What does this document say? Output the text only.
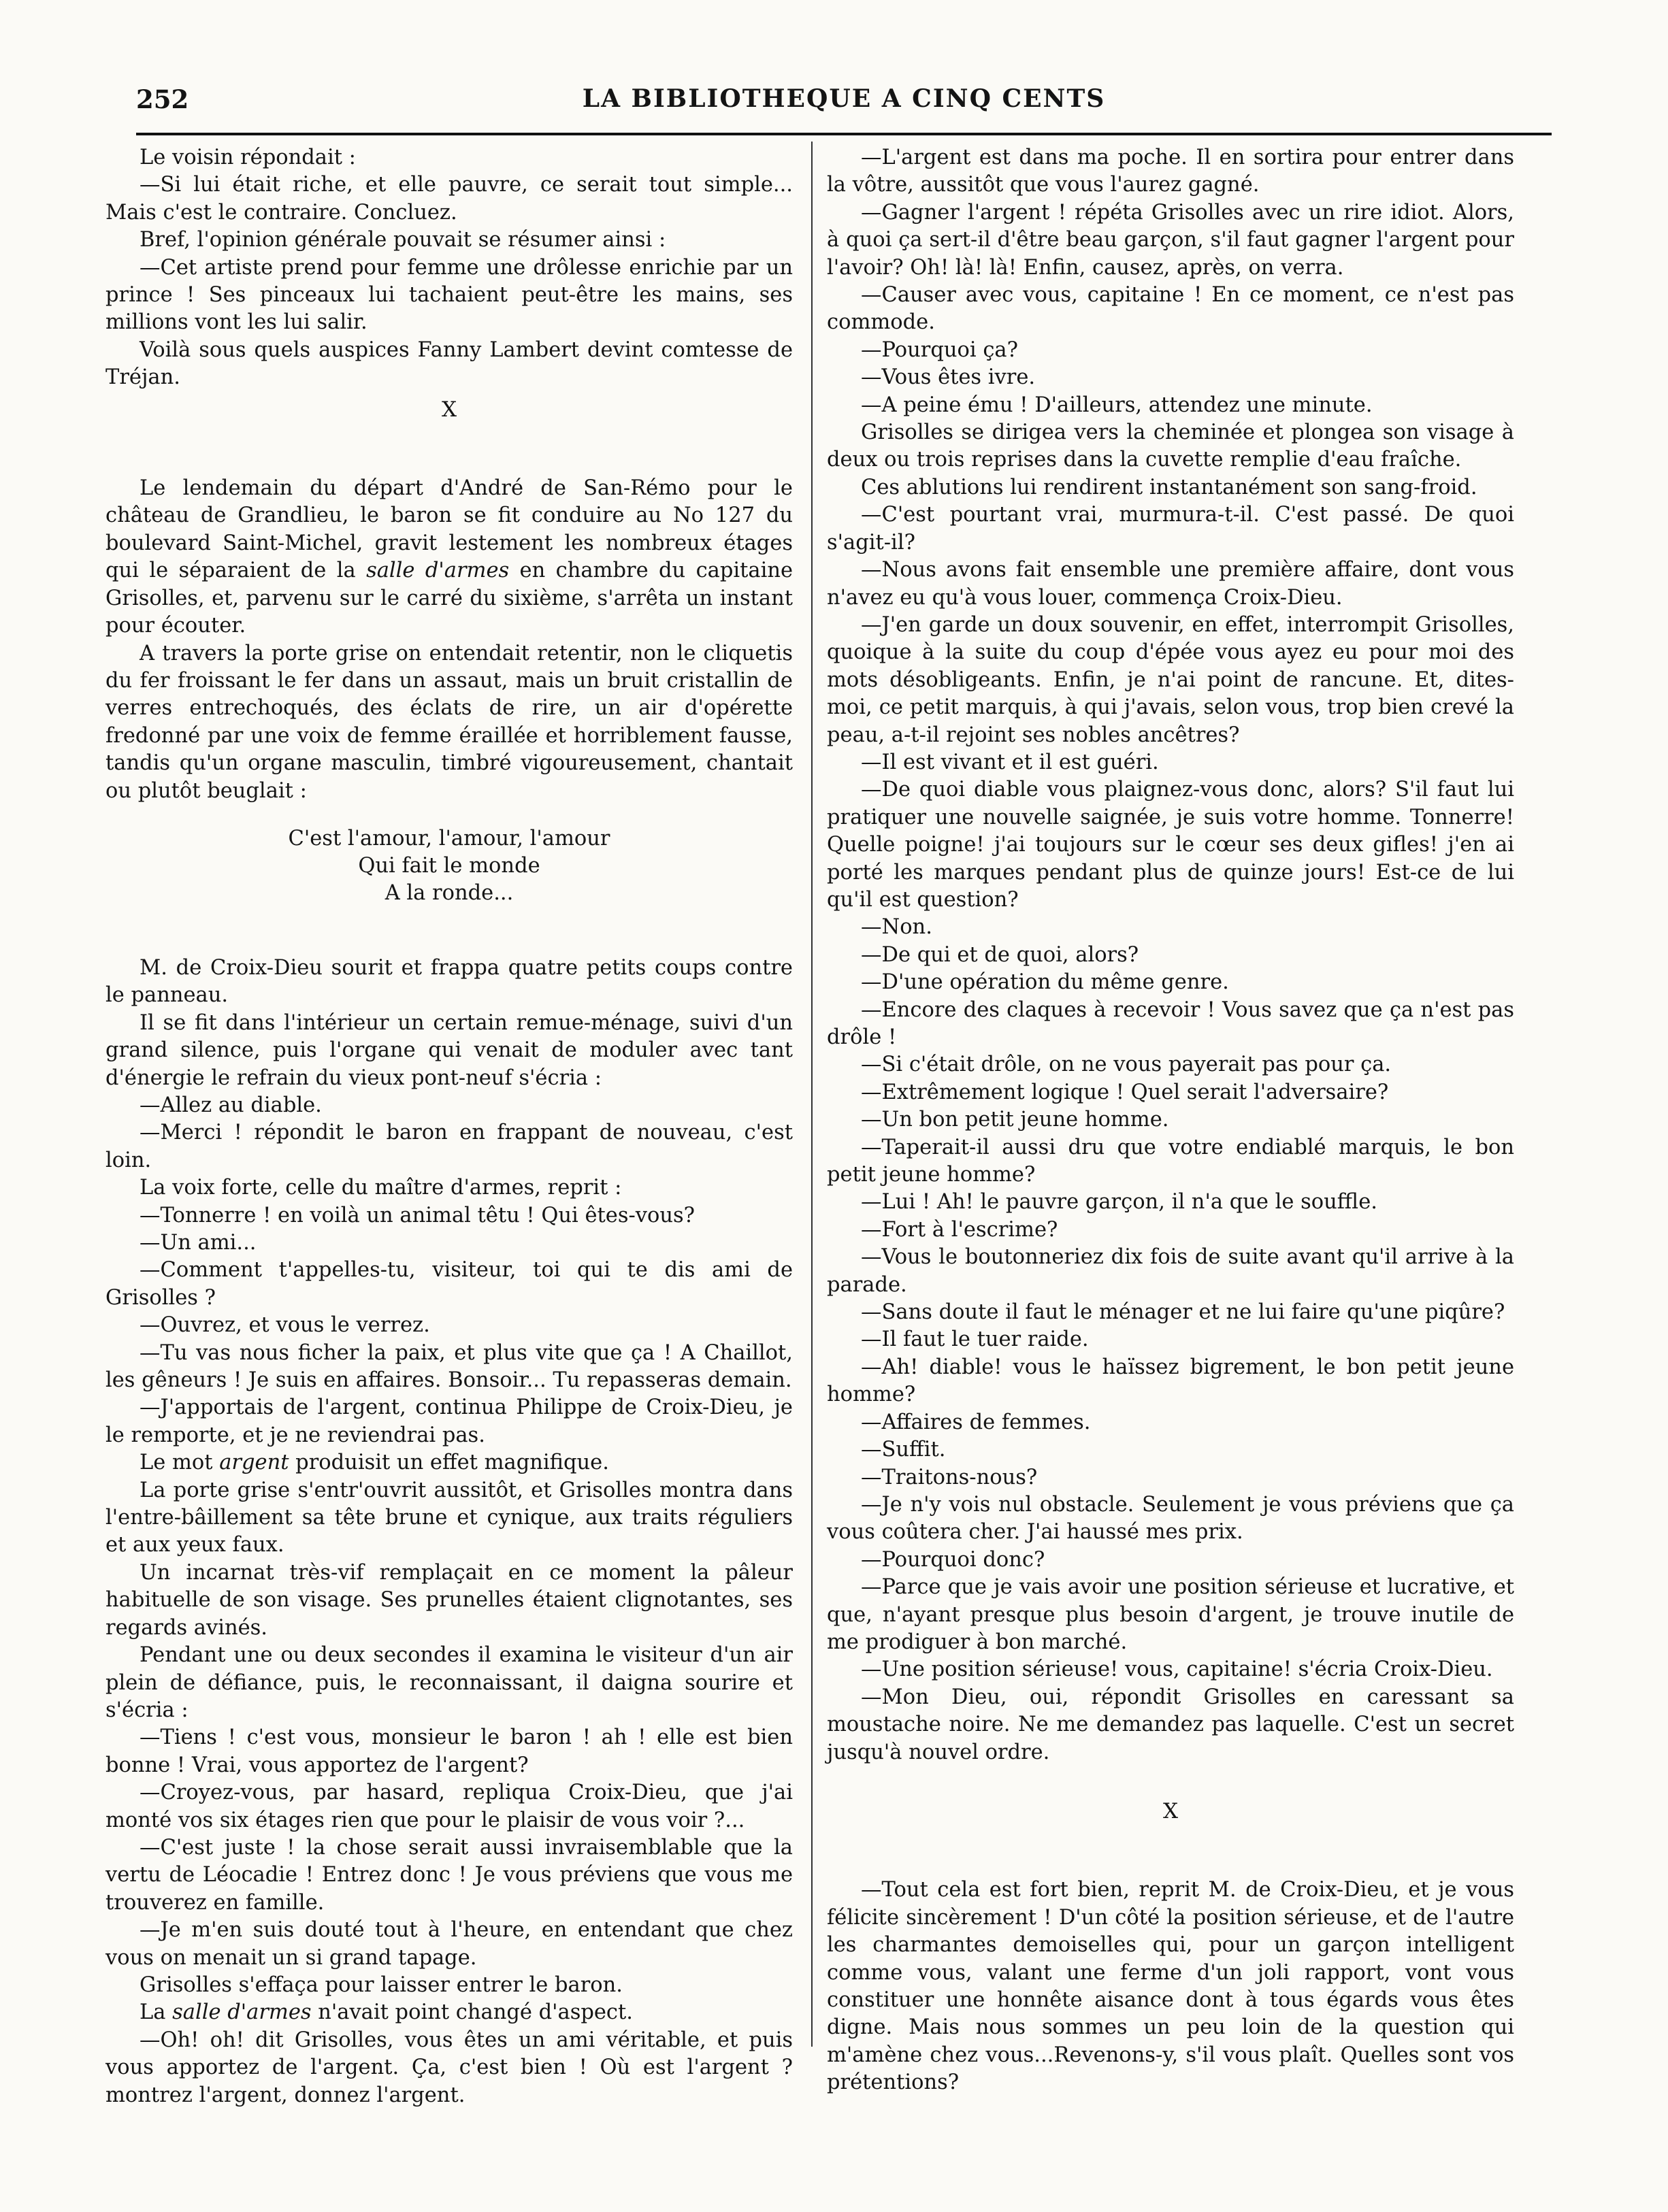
252	LA BIBLIOTHEQUE A CINQ CENTS

Le voisin répondait :

—Si lui était riche, et elle pauvre, ce serait tout simple... Mais c'est le contraire. Concluez.

Bref, l'opinion générale pouvait se résumer ainsi :

—Cet artiste prend pour femme une drôlesse enrichie par un prince ! Ses pinceaux lui tachaient peut-être les mains, ses millions vont les lui salir.

Voilà sous quels auspices Fanny Lambert devint comtesse de Tréjan.

X

Le lendemain du départ d'André de San-Rémo pour le château de Grandlieu, le baron se fit conduire au No 127 du boulevard Saint-Michel, gravit lestement les nombreux étages qui le séparaient de la salle d'armes en chambre du capitaine Grisolles, et, parvenu sur le carré du sixième, s'arrêta un instant pour écouter.

A travers la porte grise on entendait retentir, non le cliquetis du fer froissant le fer dans un assaut, mais un bruit cristallin de verres entrechoqués, des éclats de rire, un air d'opérette fredonné par une voix de femme éraillée et horriblement fausse, tandis qu'un organe masculin, timbré vigoureusement, chantait ou plutôt beuglait :

C'est l'amour, l'amour, l'amour
Qui fait le monde
A la ronde...

M. de Croix-Dieu sourit et frappa quatre petits coups contre le panneau.

Il se fit dans l'intérieur un certain remue-ménage, suivi d'un grand silence, puis l'organe qui venait de moduler avec tant d'énergie le refrain du vieux pont-neuf s'écria :

—Allez au diable.

—Merci ! répondit le baron en frappant de nouveau, c'est loin.

La voix forte, celle du maître d'armes, reprit :

—Tonnerre ! en voilà un animal têtu ! Qui êtes-vous?

—Un ami...

—Comment t'appelles-tu, visiteur, toi qui te dis ami de Grisolles ?

—Ouvrez, et vous le verrez.

—Tu vas nous ficher la paix, et plus vite que ça ! A Chaillot, les gêneurs ! Je suis en affaires. Bonsoir... Tu repasseras demain.

—J'apportais de l'argent, continua Philippe de Croix-Dieu, je le remporte, et je ne reviendrai pas.

Le mot argent produisit un effet magnifique.

La porte grise s'entr'ouvrit aussitôt, et Grisolles montra dans l'entre-bâillement sa tête brune et cynique, aux traits réguliers et aux yeux faux.

Un incarnat très-vif remplaçait en ce moment la pâleur habituelle de son visage. Ses prunelles étaient clignotantes, ses regards avinés.

Pendant une ou deux secondes il examina le visiteur d'un air plein de défiance, puis, le reconnaissant, il daigna sourire et s'écria :

—Tiens ! c'est vous, monsieur le baron ! ah ! elle est bien bonne ! Vrai, vous apportez de l'argent?

—Croyez-vous, par hasard, repliqua Croix-Dieu, que j'ai monté vos six étages rien que pour le plaisir de vous voir ?...

—C'est juste ! la chose serait aussi invraisemblable que la vertu de Léocadie ! Entrez donc ! Je vous préviens que vous me trouverez en famille.

—Je m'en suis douté tout à l'heure, en entendant que chez vous on menait un si grand tapage.

Grisolles s'effaça pour laisser entrer le baron.

La salle d'armes n'avait point changé d'aspect.

—Oh! oh! dit Grisolles, vous êtes un ami véritable, et puis vous apportez de l'argent. Ça, c'est bien ! Où est l'argent ? montrez l'argent, donnez l'argent.

—L'argent est dans ma poche. Il en sortira pour entrer dans la vôtre, aussitôt que vous l'aurez gagné.

—Gagner l'argent ! répéta Grisolles avec un rire idiot. Alors, à quoi ça sert-il d'être beau garçon, s'il faut gagner l'argent pour l'avoir? Oh! là! là! Enfin, causez, après, on verra.

—Causer avec vous, capitaine ! En ce moment, ce n'est pas commode.

—Pourquoi ça?

—Vous êtes ivre.

—A peine ému ! D'ailleurs, attendez une minute.

Grisolles se dirigea vers la cheminée et plongea son visage à deux ou trois reprises dans la cuvette remplie d'eau fraîche.

Ces ablutions lui rendirent instantanément son sang-froid.

—C'est pourtant vrai, murmura-t-il. C'est passé. De quoi s'agit-il?

—Nous avons fait ensemble une première affaire, dont vous n'avez eu qu'à vous louer, commença Croix-Dieu.

—J'en garde un doux souvenir, en effet, interrompit Grisolles, quoique à la suite du coup d'épée vous ayez eu pour moi des mots désobligeants. Enfin, je n'ai point de rancune. Et, dites-moi, ce petit marquis, à qui j'avais, selon vous, trop bien crevé la peau, a-t-il rejoint ses nobles ancêtres?

—Il est vivant et il est guéri.

—De quoi diable vous plaignez-vous donc, alors? S'il faut lui pratiquer une nouvelle saignée, je suis votre homme. Tonnerre! Quelle poigne! j'ai toujours sur le cœur ses deux gifles! j'en ai porté les marques pendant plus de quinze jours! Est-ce de lui qu'il est question?

—Non.

—De qui et de quoi, alors?

—D'une opération du même genre.

—Encore des claques à recevoir ! Vous savez que ça n'est pas drôle !

—Si c'était drôle, on ne vous payerait pas pour ça.

—Extrêmement logique ! Quel serait l'adversaire?

—Un bon petit jeune homme.

—Taperait-il aussi dru que votre endiablé marquis, le bon petit jeune homme?

—Lui ! Ah! le pauvre garçon, il n'a que le souffle.

—Fort à l'escrime?

—Vous le boutonneriez dix fois de suite avant qu'il arrive à la parade.

—Sans doute il faut le ménager et ne lui faire qu'une piqûre?

—Il faut le tuer raide.

—Ah! diable! vous le haïssez bigrement, le bon petit jeune homme?

—Affaires de femmes.

—Suffit.

—Traitons-nous?

—Je n'y vois nul obstacle. Seulement je vous préviens que ça vous coûtera cher. J'ai haussé mes prix.

—Pourquoi donc?

—Parce que je vais avoir une position sérieuse et lucrative, et que, n'ayant presque plus besoin d'argent, je trouve inutile de me prodiguer à bon marché.

—Une position sérieuse! vous, capitaine! s'écria Croix-Dieu.

—Mon Dieu, oui, répondit Grisolles en caressant sa moustache noire. Ne me demandez pas laquelle. C'est un secret jusqu'à nouvel ordre.

X

—Tout cela est fort bien, reprit M. de Croix-Dieu, et je vous félicite sincèrement ! D'un côté la position sérieuse, et de l'autre les charmantes demoiselles qui, pour un garçon intelligent comme vous, valant une ferme d'un joli rapport, vont vous constituer une honnête aisance dont à tous égards vous êtes digne. Mais nous sommes un peu loin de la question qui m'amène chez vous...Revenons-y, s'il vous plaît. Quelles sont vos prétentions?
